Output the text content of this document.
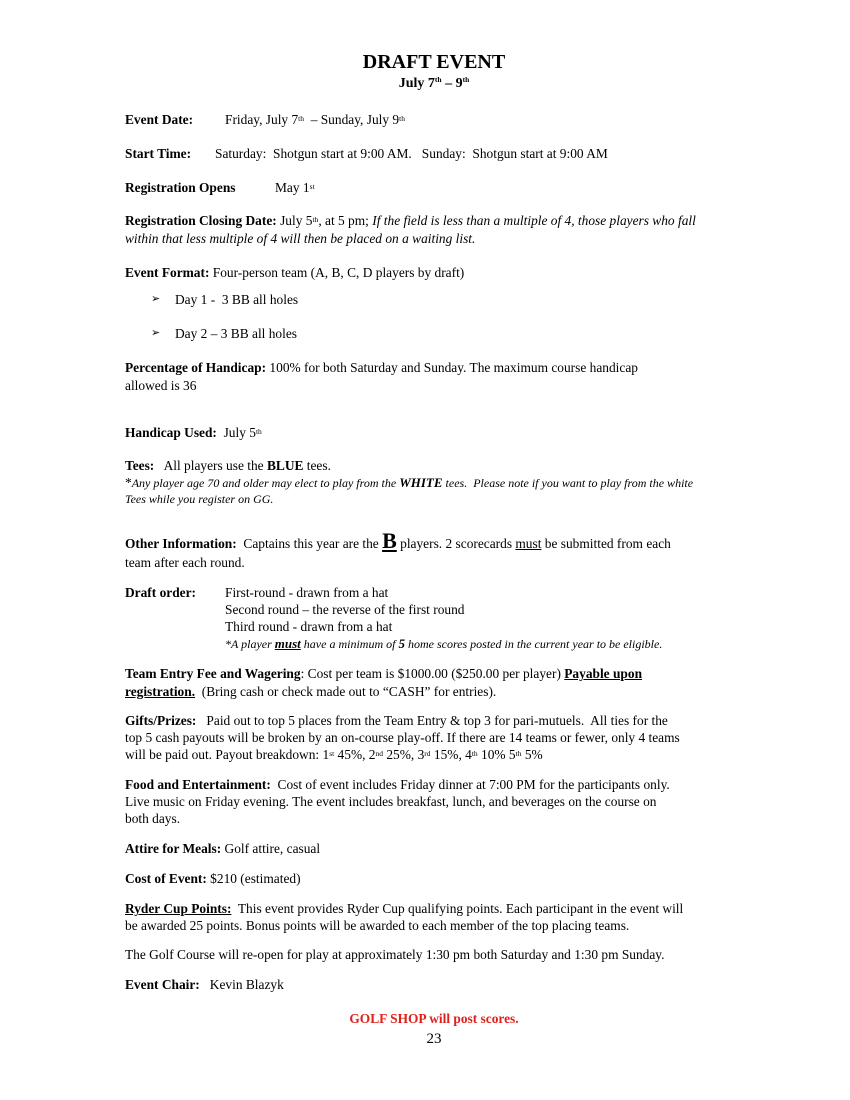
DRAFT EVENT
July 7th – 9th
Event Date: Friday, July 7th  – Sunday, July 9th
Start Time: Saturday:  Shotgun start at 9:00 AM.   Sunday:  Shotgun start at 9:00 AM
Registration Opens	May 1st
Registration Closing Date: July 5th, at 5 pm; If the field is less than a multiple of 4, those players who fall
within that less multiple of 4 will then be placed on a waiting list.
Event Format: Four-person team (A, B, C, D players by draft)
➢ Day 1 -  3 BB all holes
➢ Day 2 – 3 BB all holes
Percentage of Handicap: 100% for both Saturday and Sunday. The maximum course handicap
allowed is 36
Handicap Used:  July 5th
Tees:   All players use the BLUE tees.
*Any player age 70 and older may elect to play from the WHITE tees.  Please note if you want to play from the white
Tees while you register on GG.
Other Information:  Captains this year are the B players. 2 scorecards must be submitted from each
team after each round.
Draft order: First-round - drawn from a hat
Second round – the reverse of the first round
Third round - drawn from a hat
*A player must have a minimum of 5 home scores posted in the current year to be eligible.
Team Entry Fee and Wagering: Cost per team is $1000.00 ($250.00 per player) Payable upon
registration.  (Bring cash or check made out to “CASH” for entries).
Gifts/Prizes:   Paid out to top 5 places from the Team Entry & top 3 for pari-mutuels.  All ties for the
top 5 cash payouts will be broken by an on-course play-off. If there are 14 teams or fewer, only 4 teams
will be paid out. Payout breakdown: 1st 45%, 2nd 25%, 3rd 15%, 4th 10% 5th 5%
Food and Entertainment:  Cost of event includes Friday dinner at 7:00 PM for the participants only.
Live music on Friday evening. The event includes breakfast, lunch, and beverages on the course on
both days.
Attire for Meals: Golf attire, casual
Cost of Event: $210 (estimated)
Ryder Cup Points:  This event provides Ryder Cup qualifying points. Each participant in the event will
be awarded 25 points. Bonus points will be awarded to each member of the top placing teams.
The Golf Course will re-open for play at approximately 1:30 pm both Saturday and 1:30 pm Sunday.
Event Chair:   Kevin Blazyk
GOLF SHOP will post scores.
23
